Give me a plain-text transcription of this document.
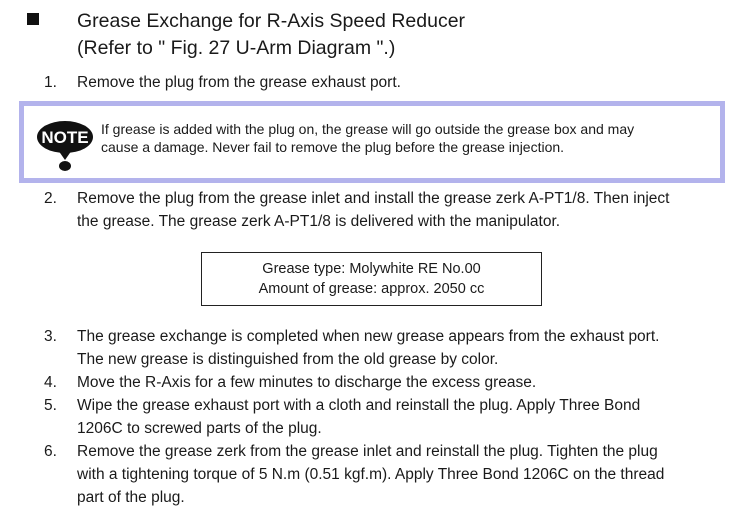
Grease Exchange for R-Axis Speed Reducer
(Refer to " Fig. 27 U-Arm Diagram ".)
1. Remove the plug from the grease exhaust port.
NOTE If grease is added with the plug on, the grease will go outside the grease box and may
cause a damage. Never fail to remove the plug before the grease injection.
2. Remove the plug from the grease inlet and install the grease zerk A-PT1/8. Then inject
the grease. The grease zerk A-PT1/8 is delivered with the manipulator.
Grease type: Molywhite RE No.00
Amount of grease: approx. 2050 cc
3. The grease exchange is completed when new grease appears from the exhaust port.
The new grease is distinguished from the old grease by color.
4. Move the R-Axis for a few minutes to discharge the excess grease.
5. Wipe the grease exhaust port with a cloth and reinstall the plug. Apply Three Bond
1206C to screwed parts of the plug.
6. Remove the grease zerk from the grease inlet and reinstall the plug. Tighten the plug
with a tightening torque of 5 N.m (0.51 kgf.m). Apply Three Bond 1206C on the thread
part of the plug.
